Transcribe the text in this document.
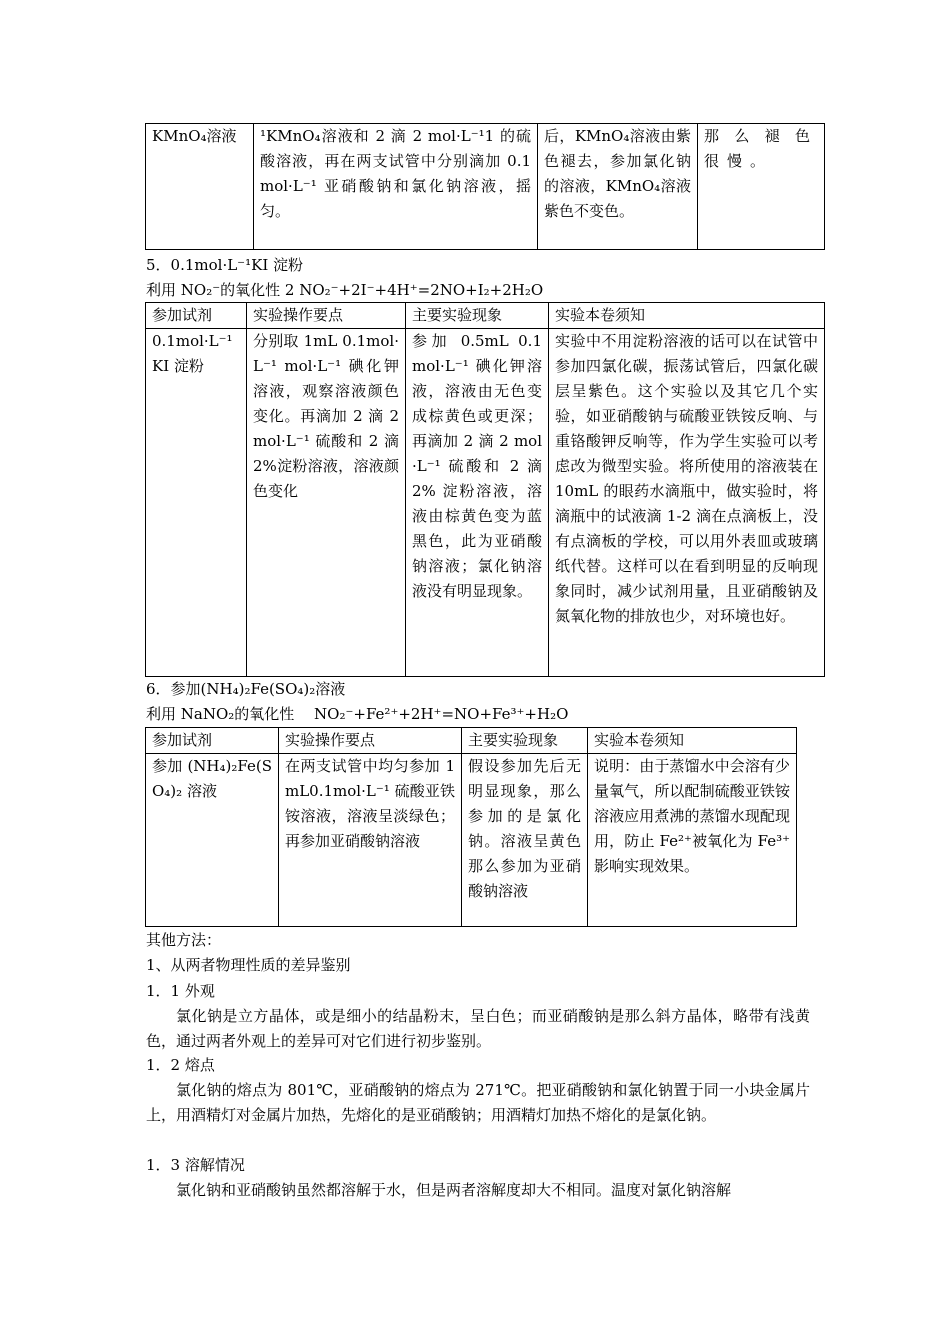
KMnO₄溶液	¹KMnO₄溶液和 2 滴 2 mol·L⁻¹1 的硫酸溶液，再在两支试管中分别滴加 0.1 mol·L⁻¹ 亚硝酸钠和氯化钠溶液，摇匀。	后，KMnO₄溶液由紫色褪去，参加氯化钠的溶液，KMnO₄溶液紫色不变色。	那么褪色很慢。
5．0.1mol·L⁻¹KI 淀粉
利用 NO₂⁻的氧化性 2 NO₂⁻+2I⁻+4H⁺=2NO+I₂+2H₂O
参加试剂	实验操作要点	主要实验现象	实验本卷须知
0.1mol·L⁻¹ KI 淀粉	分别取 1mL 0.1mol·L⁻¹ mol·L⁻¹ 碘化钾溶液，观察溶液颜色变化。再滴加 2 滴 2 mol·L⁻¹ 硫酸和 2 滴 2%淀粉溶液，溶液颜色变化	参加 0.5mL 0.1 mol·L⁻¹ 碘化钾溶液，溶液由无色变成棕黄色或更深；再滴加 2 滴 2 mol·L⁻¹ 硫酸和 2 滴 2% 淀粉溶液，溶液由棕黄色变为蓝黑色，此为亚硝酸钠溶液；氯化钠溶液没有明显现象。	实验中不用淀粉溶液的话可以在试管中参加四氯化碳，振荡试管后，四氯化碳层呈紫色。这个实验以及其它几个实验，如亚硝酸钠与硫酸亚铁铵反响、与重铬酸钾反响等，作为学生实验可以考虑改为微型实验。将所使用的溶液装在 10mL 的眼药水滴瓶中，做实验时，将滴瓶中的试液滴 1-2 滴在点滴板上，没有点滴板的学校，可以用外表皿或玻璃纸代替。这样可以在看到明显的反响现象同时，减少试剂用量，且亚硝酸钠及氮氧化物的排放也少，对环境也好。
6．参加(NH₄)₂Fe(SO₄)₂溶液
利用 NaNO₂的氧化性　 NO₂⁻+Fe²⁺+2H⁺=NO+Fe³⁺+H₂O
参加试剂	实验操作要点	主要实验现象	实验本卷须知
参加 (NH₄)₂Fe(SO₄)₂ 溶液	在两支试管中均匀参加 1mL0.1mol·L⁻¹ 硫酸亚铁铵溶液，溶液呈淡绿色；再参加亚硝酸钠溶液	假设参加先后无明显现象，那么参加的是氯化钠。溶液呈黄色那么参加为亚硝酸钠溶液	说明：由于蒸馏水中会溶有少量氧气，所以配制硫酸亚铁铵溶液应用煮沸的蒸馏水现配现用，防止 Fe²⁺被氧化为 Fe³⁺影响实现效果。
其他方法：
1、从两者物理性质的差异鉴别
1．1 外观
氯化钠是立方晶体，或是细小的结晶粉末，呈白色；而亚硝酸钠是那么斜方晶体，略带有浅黄色，通过两者外观上的差异可对它们进行初步鉴别。
1．2 熔点
氯化钠的熔点为 801℃，亚硝酸钠的熔点为 271℃。把亚硝酸钠和氯化钠置于同一小块金属片上，用酒精灯对金属片加热，先熔化的是亚硝酸钠；用酒精灯加热不熔化的是氯化钠。
1．3 溶解情况
氯化钠和亚硝酸钠虽然都溶解于水，但是两者溶解度却大不相同。温度对氯化钠溶解
